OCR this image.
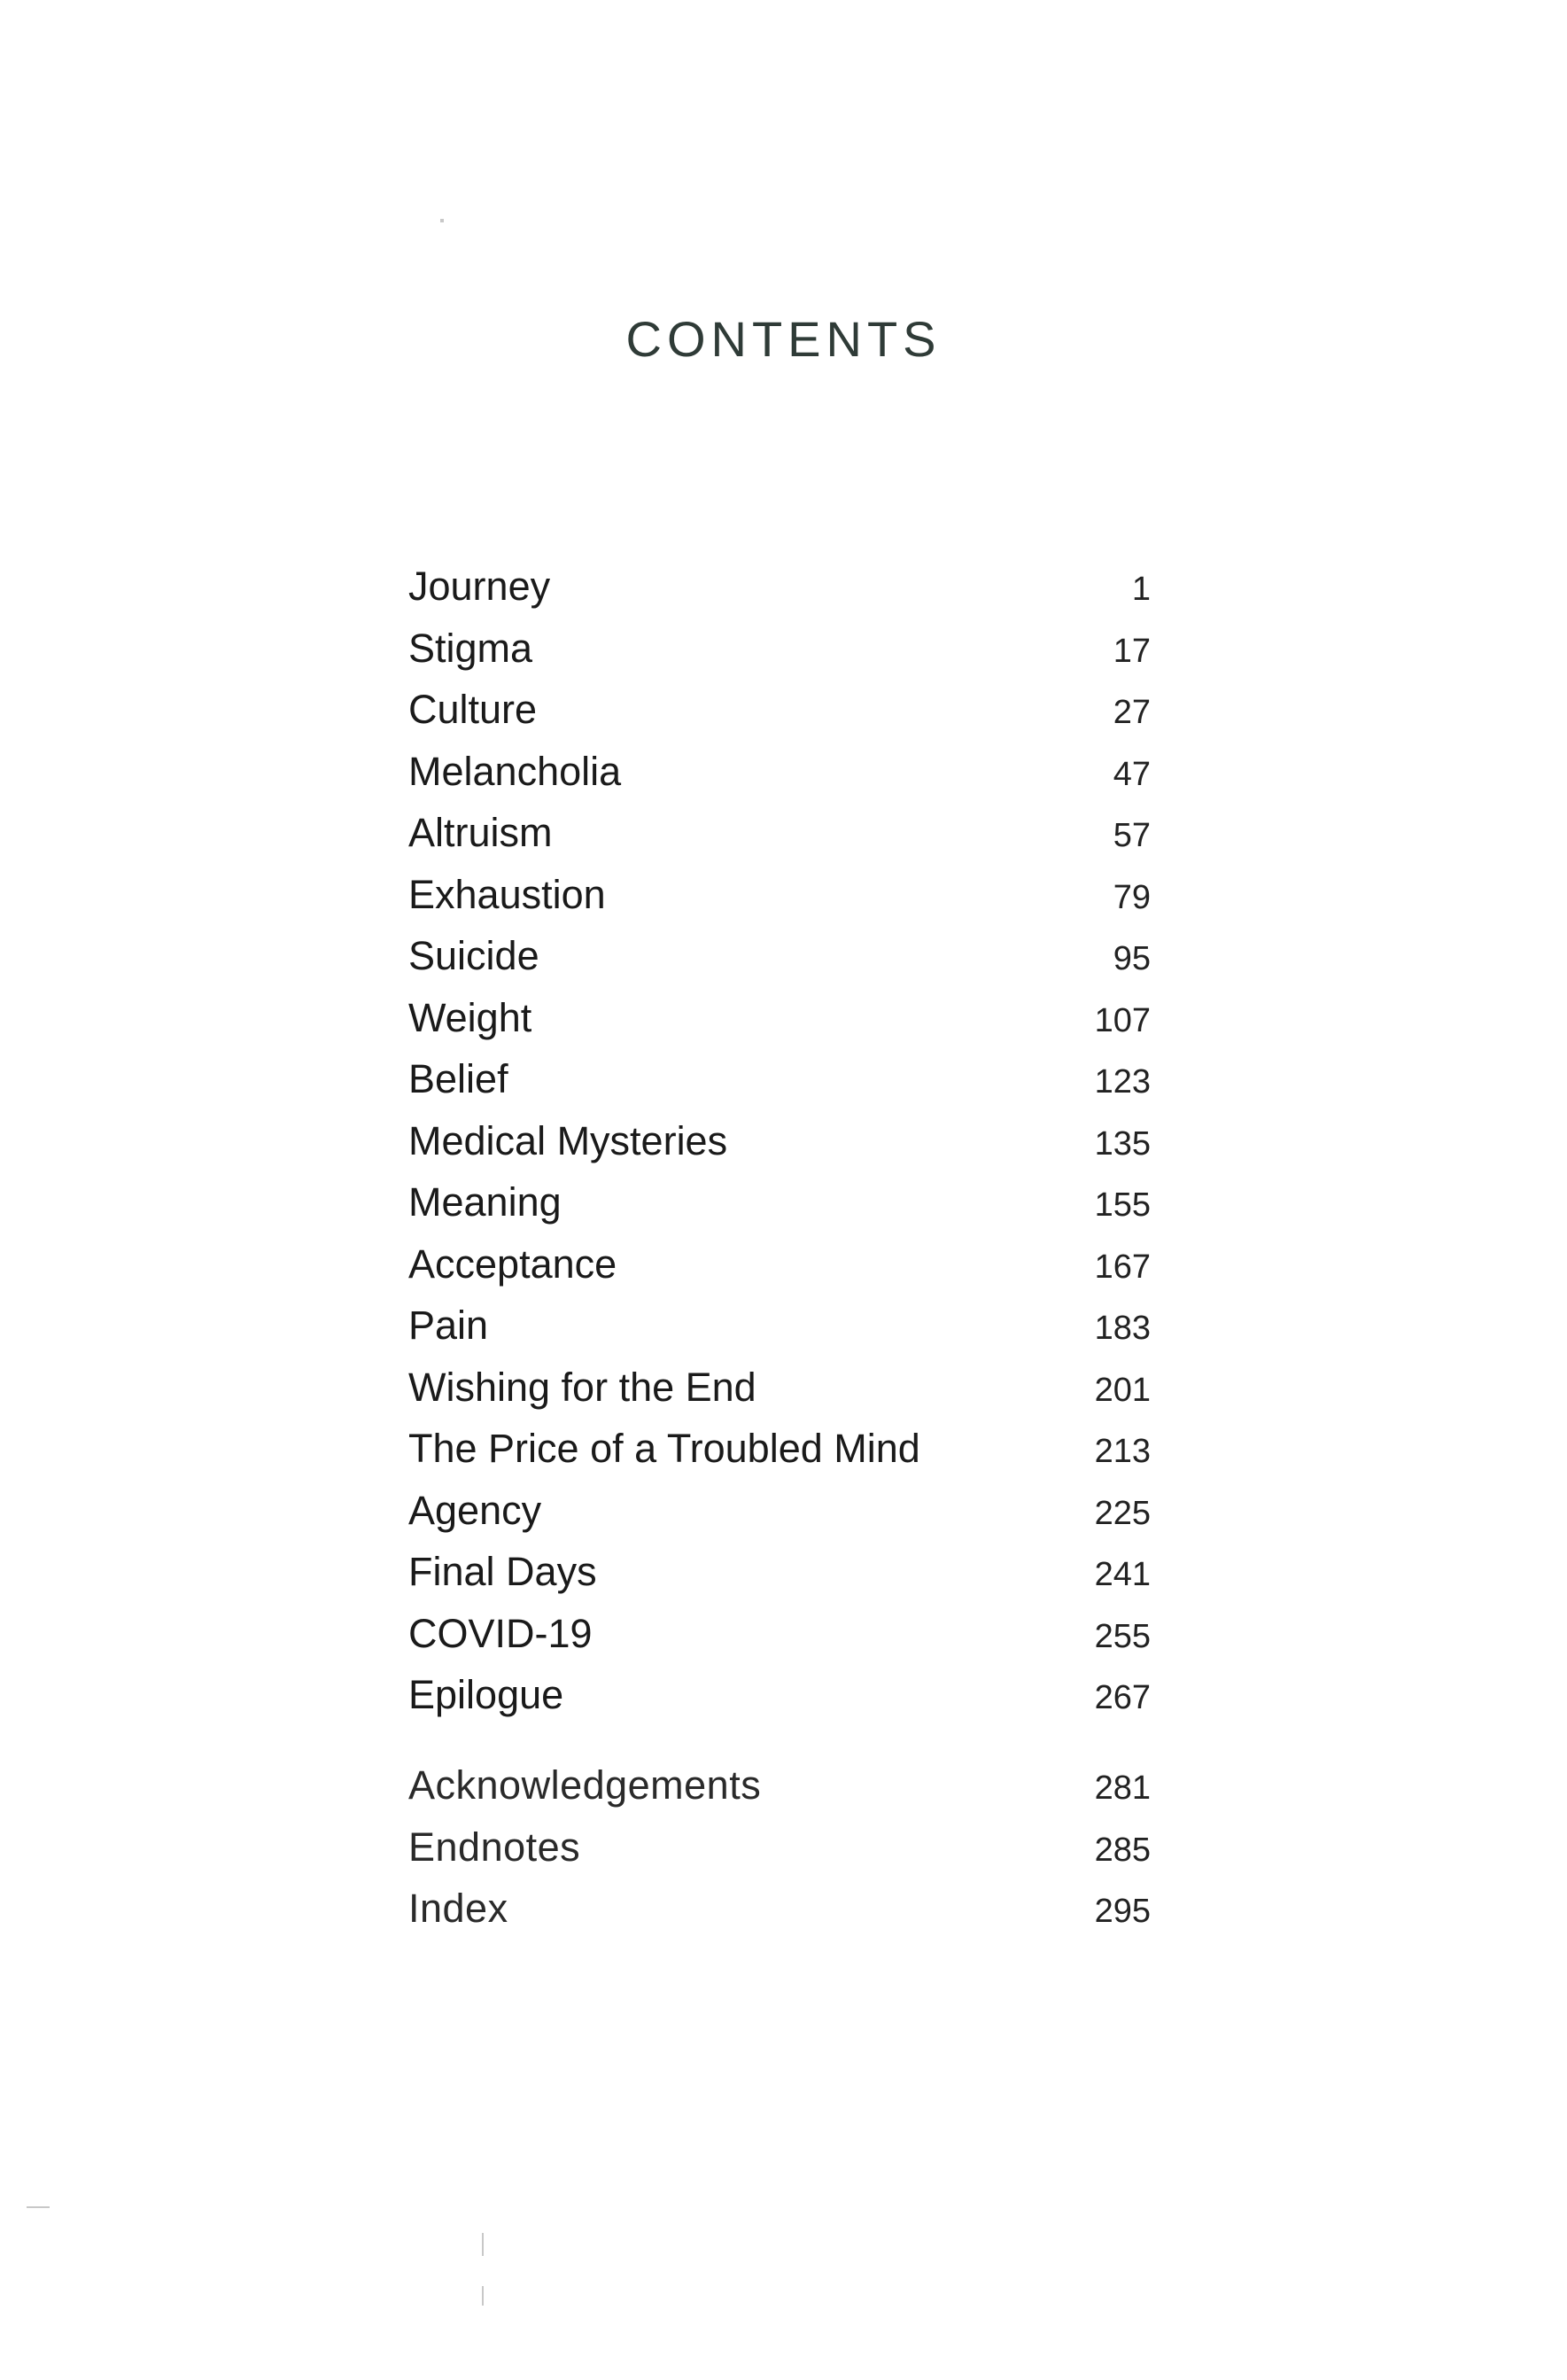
CONTENTS
Journey	1
Stigma	17
Culture	27
Melancholia	47
Altruism	57
Exhaustion	79
Suicide	95
Weight	107
Belief	123
Medical Mysteries	135
Meaning	155
Acceptance	167
Pain	183
Wishing for the End	201
The Price of a Troubled Mind	213
Agency	225
Final Days	241
COVID-19	255
Epilogue	267
Acknowledgements	281
Endnotes	285
Index	295
